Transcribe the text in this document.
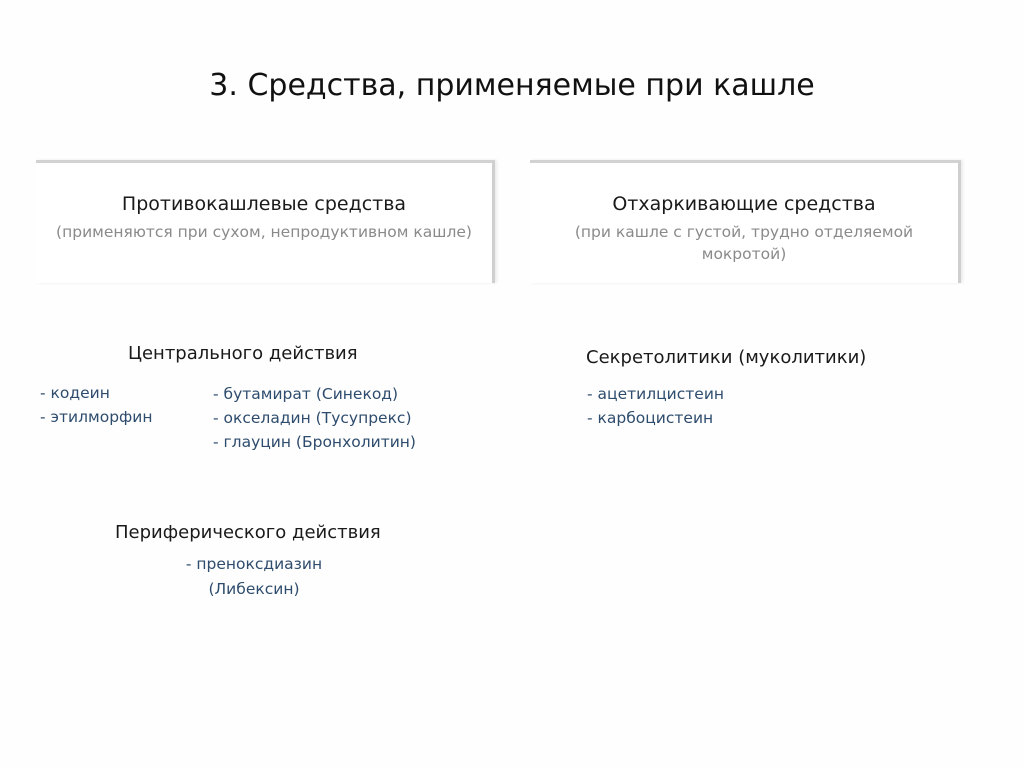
3. Средства, применяемые при кашле
Противокашлевые средства
(применяются при сухом, непродуктивном кашле)
Отхаркивающие средства
(при кашле с густой, трудно отделяемой мокротой)
Центрального действия
- кодеин
- этилморфин
- бутамират (Синекод)
- окселадин (Тусупрекс)
- глауцин (Бронхолитин)
Периферического действия
- преноксдиазин (Либексин)
Секретолитики (муколитики)
- ацетилцистеин
- карбоцистеин
